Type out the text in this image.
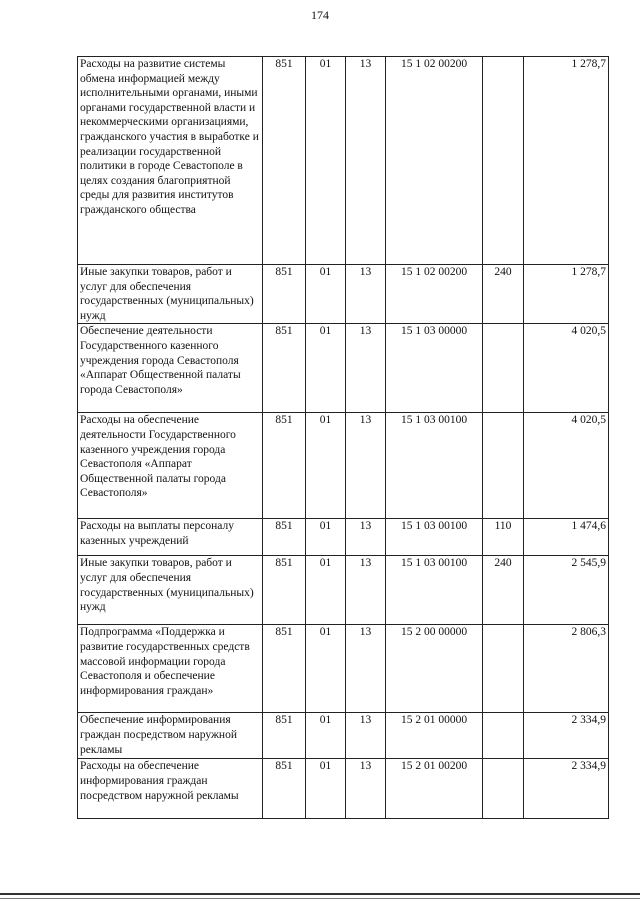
174
Расходы на развитие системы обмена информацией между исполнительными органами, иными органами государственной власти и некоммерческими организациями, гражданского участия в выработке и реализации государственной политики в городе Севастополе в целях создания благоприятной среды для развития институтов гражданского общества	851	01	13	15 1 02 00200		1 278,7
Иные закупки товаров, работ и услуг для обеспечения государственных (муниципальных) нужд	851	01	13	15 1 02 00200	240	1 278,7
Обеспечение деятельности Государственного казенного учреждения города Севастополя «Аппарат Общественной палаты города Севастополя»	851	01	13	15 1 03 00000		4 020,5
Расходы на обеспечение деятельности Государственного казенного учреждения города Севастополя «Аппарат Общественной палаты города Севастополя»	851	01	13	15 1 03 00100		4 020,5
Расходы на выплаты персоналу казенных учреждений	851	01	13	15 1 03 00100	110	1 474,6
Иные закупки товаров, работ и услуг для обеспечения государственных (муниципальных) нужд	851	01	13	15 1 03 00100	240	2 545,9
Подпрограмма «Поддержка и развитие государственных средств массовой информации города Севастополя и обеспечение информирования граждан»	851	01	13	15 2 00 00000		2 806,3
Обеспечение информирования граждан посредством наружной рекламы	851	01	13	15 2 01 00000		2 334,9
Расходы на обеспечение информирования граждан посредством наружной рекламы	851	01	13	15 2 01 00200		2 334,9
